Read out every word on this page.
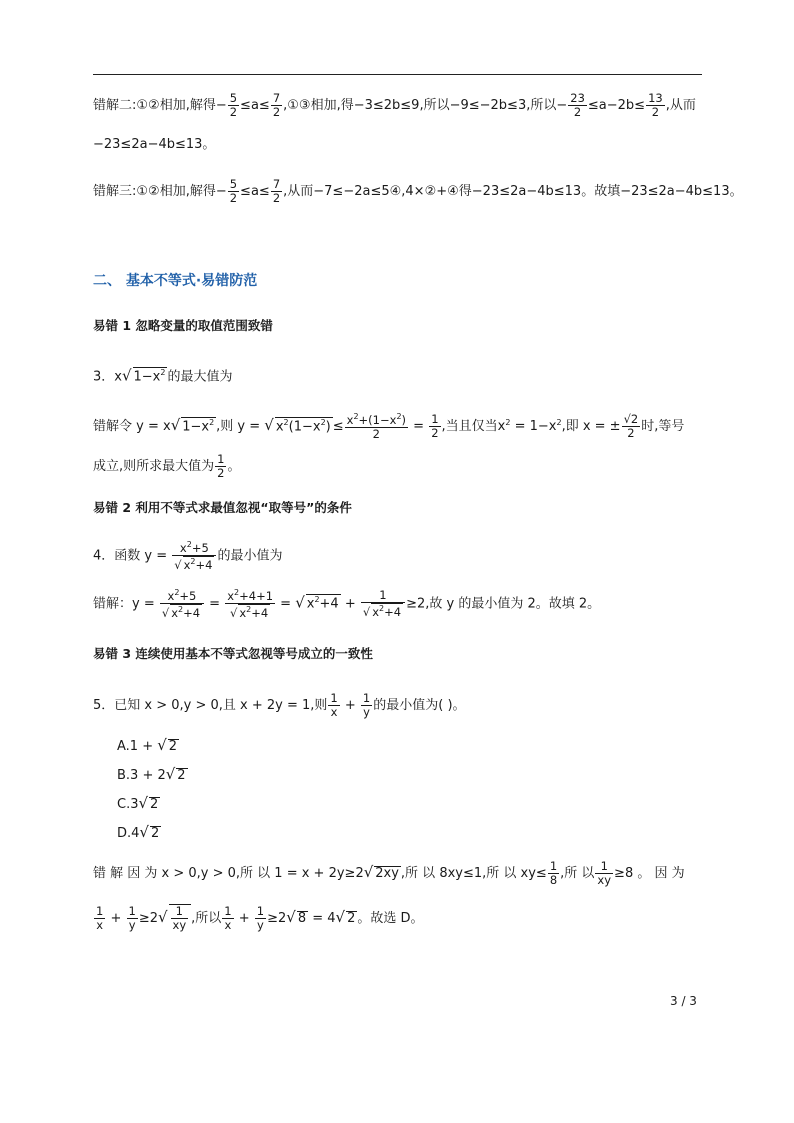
错解二:①②相加,解得− $\frac{5}{2} \le a\le \frac{7}{2}$ ,①③相加,得−3≤2b≤9,所以−9≤−2b≤3,所以− $\frac{23}{2} \le a-2b\le \frac{13}{2}$ ,从而
−23≤2a−4b≤13。
错解三:①②相加,解得− $\frac{5}{2} \le a\le \frac{7}{2}$ ,从而−7≤−2a≤5④,4×②+④得−23≤2a−4b≤13。故填−23≤2a−4b≤13。
二、 基本不等式·易错防范
易错 1 忽略变量的取值范围致错
3．x√ $1-x^2$ 的最大值为
错解令 y = x√ $1-x^2$ ,则 y = √ $x^2(1-x^2) \le \frac{x^2+(1-x^2)}{2} = \frac{1}{2}$ ,当且仅当$x^2 = 1-x^2$,即 x = ± $\frac{√2}{2}$ 时,等号
成立,则所求最大值为 $\frac{1}{2}$ 。
易错 2 利用不等式求最值忽视“取等号”的条件
4．函数 $y = \frac{x^2+5}{√ x^2+4}$ 的最小值为
错解：$y = \frac{x^2+5}{√ x^2+4} = \frac{x^2+4+1}{√ x^2+4}$ = √ $x^2+4 + \frac{1}{√ x^2+4} \ge 2$,故 y 的最小值为 2。故填 2。
易错 3 连续使用基本不等式忽视等号成立的一致性
5．已知 x > 0,y > 0,且 x + 2y = 1,则 $\frac{1}{x} + \frac{1}{y}$ 的最小值为( )。
A.1 + √ 2
B.3 + 2√ 2
C.3√ 2
D.4√ 2
错 解 因 为 x > 0,y > 0,所 以 1 = x + 2y≥2√ 2xy ,所 以 8xy≤1,所 以 $xy\le \frac{1}{8}$ ,所 以 $\frac{1}{xy} \ge 8$ 。 因 为
$\frac{1}{x} + \frac{1}{y} \ge 2√ \frac{1}{xy}$ ,所以 $\frac{1}{x} + \frac{1}{y} \ge 2√$ 8 = 4√ 2 。故选 D。
3 / 3
